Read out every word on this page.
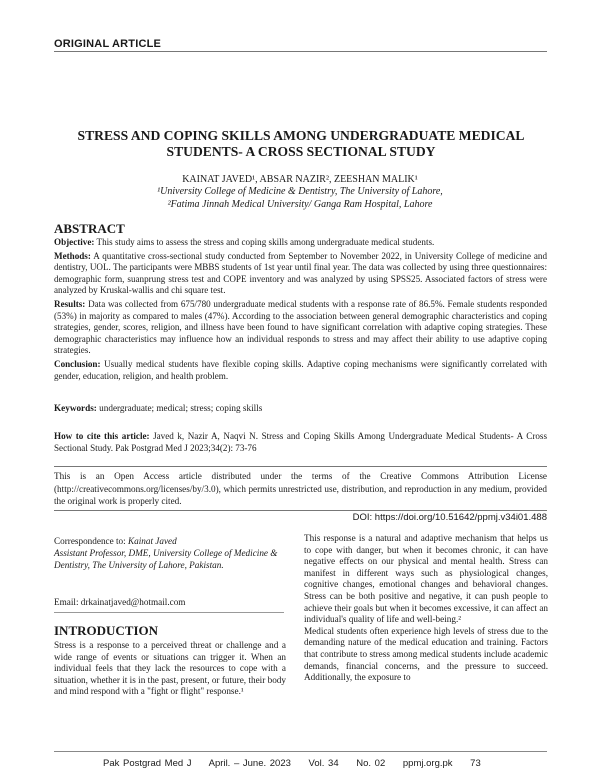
ORIGINAL ARTICLE
STRESS AND COPING SKILLS AMONG UNDERGRADUATE MEDICAL
STUDENTS- A CROSS SECTIONAL STUDY
KAINAT JAVED¹, ABSAR NAZIR², ZEESHAN MALIK¹
¹University College of Medicine & Dentistry, The University of Lahore,
²Fatima Jinnah Medical University/ Ganga Ram Hospital, Lahore
ABSTRACT

Objective: This study aims to assess the stress and coping skills among undergraduate medical students.

Methods: A quantitative cross-sectional study conducted from September to November 2022, in University College of medicine and dentistry, UOL. The participants were MBBS students of 1st year until final year. The data was collected by using three questionnaires: demographic form, suanprung stress test and COPE inventory and was analyzed by using SPSS25. Associated factors of stress were analyzed by Kruskal-wallis and chi square test.

Results: Data was collected from 675/780 undergraduate medical students with a response rate of 86.5%. Female students responded (53%) in majority as compared to males (47%). According to the association between general demographic characteristics and coping strategies, gender, scores, religion, and illness have been found to have significant correlation with adaptive coping strategies. These demographic characteristics may influence how an individual responds to stress and may affect their ability to use adaptive coping strategies.

Conclusion: Usually medical students have flexible coping skills. Adaptive coping mechanisms were significantly correlated with gender, education, religion, and health problem.

Keywords: undergraduate; medical; stress; coping skills
How to cite this article: Javed k, Nazir A, Naqvi N. Stress and Coping Skills Among Undergraduate Medical Students- A Cross Sectional Study. Pak Postgrad Med J 2023;34(2): 73-76
This is an Open Access article distributed under the terms of the Creative Commons Attribution License (http://creativecommons.org/licenses/by/3.0), which permits unrestricted use, distribution, and reproduction in any medium, provided the original work is properly cited.
DOI: https://doi.org/10.51642/ppmj.v34i01.488
Correspondence to: Kainat Javed
Assistant Professor, DME, University College of Medicine & Dentistry, The University of Lahore, Pakistan.
Email: drkainatjaved@hotmail.com
INTRODUCTION

Stress is a response to a perceived threat or challenge and a wide range of events or situations can trigger it. When an individual feels that they lack the resources to cope with a situation, whether it is in the past, present, or future, their body and mind respond with a "fight or flight" response.¹

This response is a natural and adaptive mechanism that helps us to cope with danger, but when it becomes chronic, it can have negative effects on our physical and mental health. Stress can manifest in different ways such as physiological changes, cognitive changes, emotional changes and behavioral changes. Stress can be both positive and negative, it can push people to achieve their goals but when it becomes excessive, it can affect an individual's quality of life and well-being.²

Medical students often experience high levels of stress due to the demanding nature of the medical education and training. Factors that contribute to stress among medical students include academic demands, financial concerns, and the pressure to succeed. Additionally, the exposure to

Pak Postgrad Med J April. – June. 2023 Vol. 34 No. 02 ppmj.org.pk 73
